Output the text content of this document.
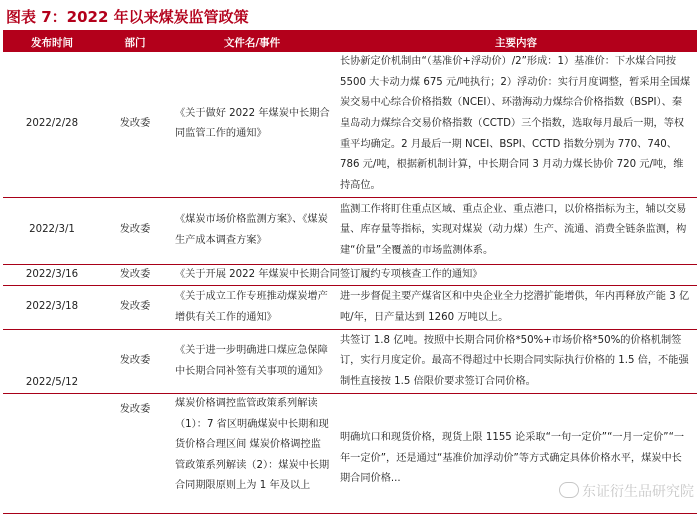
图表 7：2022 年以来煤炭监管政策
发布时间	部门	文件名/事件	主要内容
2022/2/28	发改委	《关于做好 2022 年煤炭中长期合同监管工作的通知》	长协新定价机制由“（基准价+浮动价）/2”形成：1）基准价：下水煤合同按 5500 大卡动力煤 675 元/吨执行；2）浮动价：实行月度调整，暂采用全国煤炭交易中心综合价格指数（NCEI）、环渤海动力煤综合价格指数（BSPI）、秦皇岛动力煤综合交易价格指数（CCTD）三个指数，选取每月最后一期，等权重平均确定。2 月最后一期 NCEI、BSPI、CCTD 指数分别为 770、740、786 元/吨，根据新机制计算，中长期合同 3 月动力煤长协价 720 元/吨，维持高位。
2022/3/1	发改委	《煤炭市场价格监测方案》、《煤炭生产成本调查方案》	监测工作将盯住重点区域、重点企业、重点港口，以价格指标为主，辅以交易量、库存量等指标，实现对煤炭（动力煤）生产、流通、消费全链条监测，构建“价量”全覆盖的市场监测体系。
2022/3/16	发改委	《关于开展 2022 年煤炭中长期合同签订履约专项核查工作的通知》	
2022/3/18	发改委	《关于成立工作专班推动煤炭增产增供有关工作的通知》	进一步督促主要产煤省区和中央企业全力挖潜扩能增供，年内再释放产能 3 亿吨/年，日产量达到 1260 万吨以上。
2022/5/12	发改委	《关于进一步明确进口煤应急保障中长期合同补签有关事项的通知》	共签订 1.8 亿吨。按照中长期合同价格*50%+市场价格*50%的价格机制签订，实行月度定价。最高不得超过中长期合同实际执行价格的 1.5 倍，不能强制性直接按 1.5 倍限价要求签订合同价格。
	发改委	煤炭价格调控监管政策系列解读（1）：7 省区明确煤炭中长期和现货价格合理区间 煤炭价格调控监管政策系列解读（2）：煤炭中长期合同期限原则上为 1 年及以上	明确坑口和现货价格，现货上限 1155 论采取“一旬一定价”“一月一定价”“一年一定价”，还是通过“基准价加浮动价”等方式确定具体价格水平，煤炭中长期合同价格...
东证衍生品研究院
